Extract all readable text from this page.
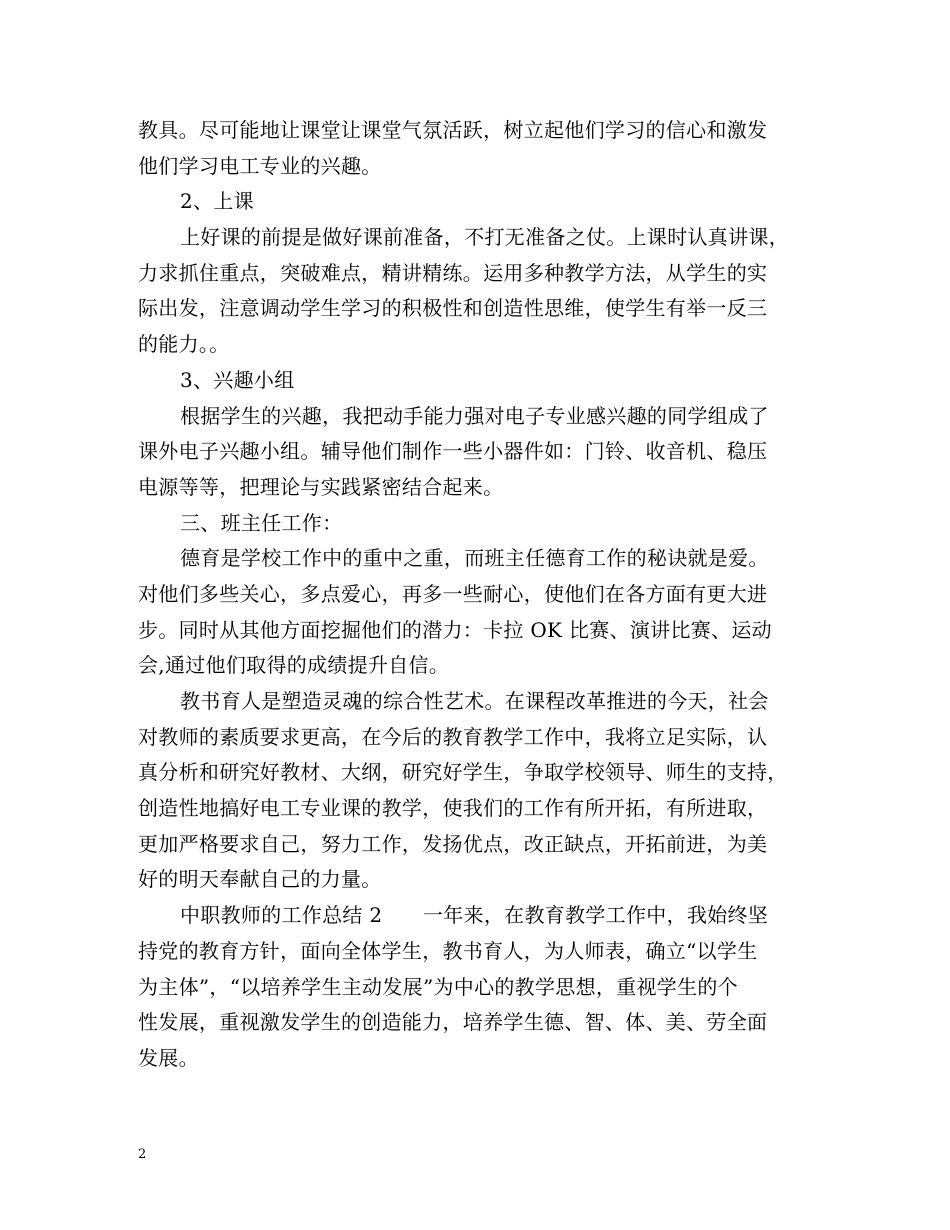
教具。尽可能地让课堂让课堂气氛活跃，树立起他们学习的信心和激发
他们学习电工专业的兴趣。
2、上课
上好课的前提是做好课前准备，不打无准备之仗。上课时认真讲课，
力求抓住重点，突破难点，精讲精练。运用多种教学方法，从学生的实
际出发，注意调动学生学习的积极性和创造性思维，使学生有举一反三
的能力。。
3、兴趣小组
根据学生的兴趣，我把动手能力强对电子专业感兴趣的同学组成了
课外电子兴趣小组。辅导他们制作一些小器件如：门铃、收音机、稳压
电源等等，把理论与实践紧密结合起来。
三、班主任工作：
德育是学校工作中的重中之重，而班主任德育工作的秘诀就是爱。
对他们多些关心，多点爱心，再多一些耐心，使他们在各方面有更大进
步。同时从其他方面挖掘他们的潜力：卡拉 OK 比赛、演讲比赛、运动
会,通过他们取得的成绩提升自信。
教书育人是塑造灵魂的综合性艺术。在课程改革推进的今天，社会
对教师的素质要求更高，在今后的教育教学工作中，我将立足实际，认
真分析和研究好教材、大纲，研究好学生，争取学校领导、师生的支持，
创造性地搞好电工专业课的教学，使我们的工作有所开拓，有所进取，
更加严格要求自己，努力工作，发扬优点，改正缺点，开拓前进，为美
好的明天奉献自己的力量。
中职教师的工作总结 2　　一年来，在教育教学工作中，我始终坚
持党的教育方针，面向全体学生，教书育人，为人师表，确立“以学生
为主体”，“以培养学生主动发展”为中心的教学思想，重视学生的个
性发展，重视激发学生的创造能力，培养学生德、智、体、美、劳全面
发展。
2
